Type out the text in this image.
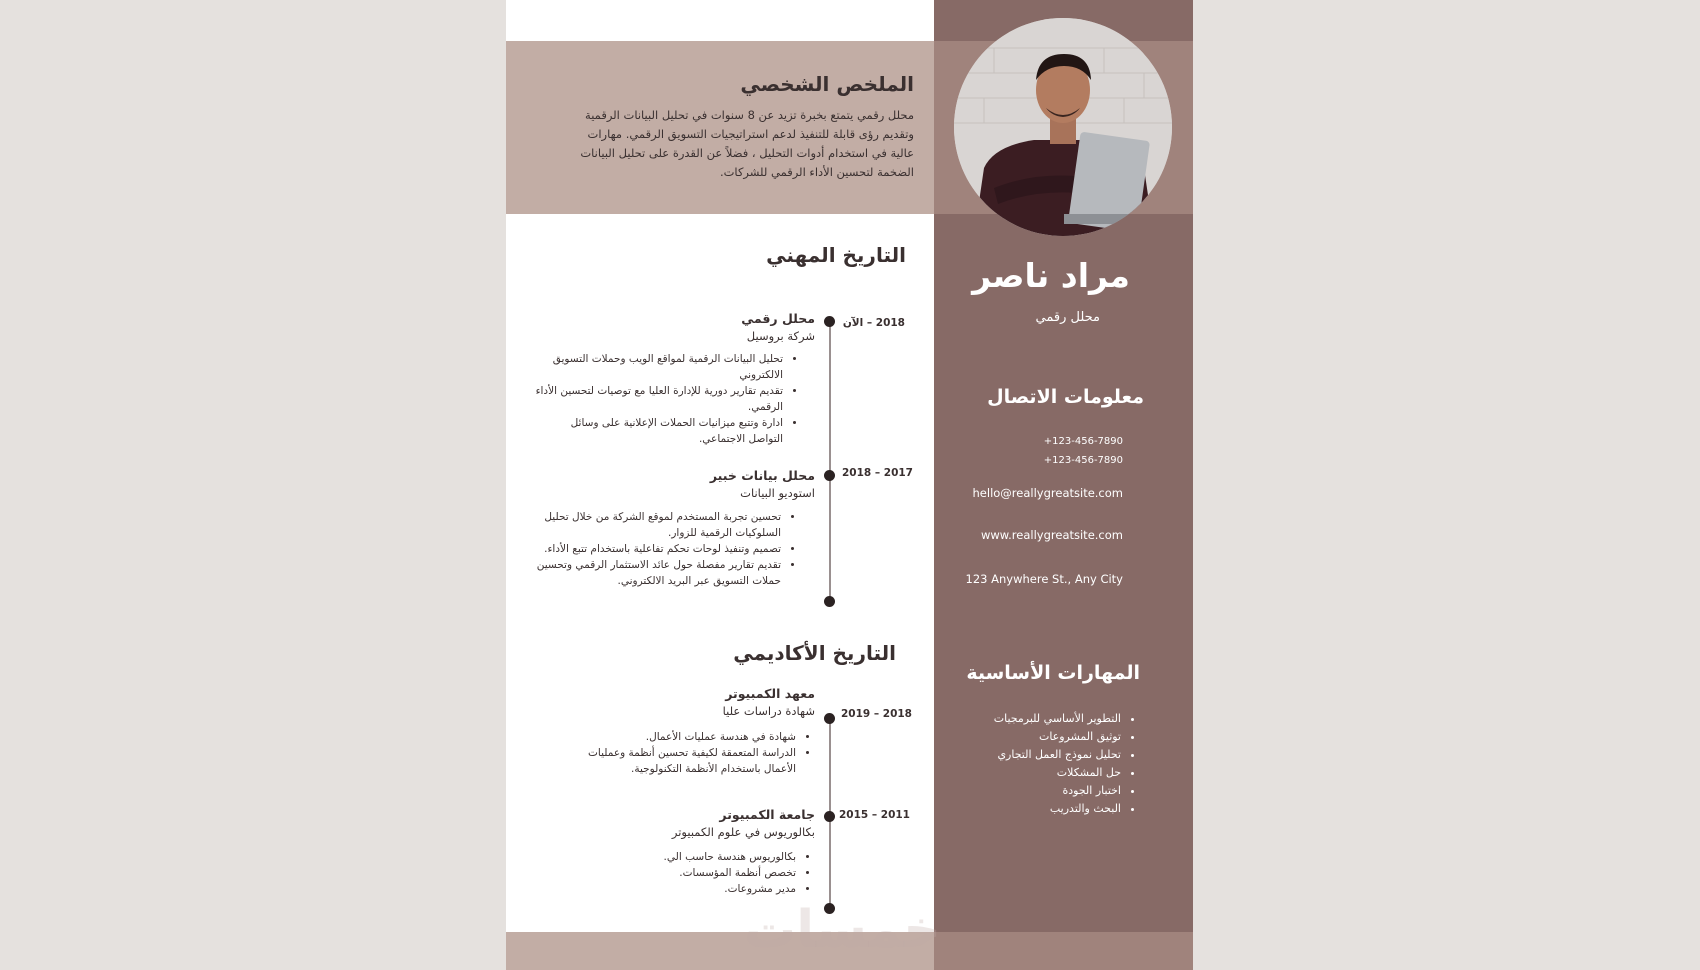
الملخص الشخصي

محلل رقمي يتمتع بخبرة تزيد عن 8 سنوات في تحليل البيانات الرقمية وتقديم رؤى قابلة للتنفيذ لدعم استراتيجيات التسويق الرقمي. مهارات عالية في استخدام أدوات التحليل ، فضلاً عن القدرة على تحليل البيانات الضخمة لتحسين الأداء الرقمي للشركات.

التاريخ المهني

2018 – الآن

محلل رقمي

شركة بروسيل

• تحليل البيانات الرقمية لمواقع الويب وحملات التسويق الالكتروني
• تقديم تقارير دورية للإدارة العليا مع توصيات لتحسين الأداء الرقمي.
• ادارة وتتبع ميزانيات الحملات الإعلانية على وسائل التواصل الاجتماعي.

2017 – 2018

محلل بيانات خبير

استوديو البيانات

• تحسين تجربة المستخدم لموقع الشركة من خلال تحليل السلوكيات الرقمية للزوار.
• تصميم وتنفيذ لوحات تحكم تفاعلية باستخدام تتبع الأداء.
• تقديم تقارير مفصلة حول عائد الاستثمار الرقمي وتحسين حملات التسويق عبر البريد الالكتروني.
التاريخ الأكاديمي

2018 – 2019

معهد الكمبيوتر

شهادة دراسات عليا

• شهادة في هندسة عمليات الأعمال.
• الدراسة المتعمقة لكيفية تحسين أنظمة وعمليات الأعمال باستخدام الأنظمة التكنولوجية.

2011 – 2015

جامعة الكمبيوتر

بكالوريوس في علوم الكمبيوتر

• بكالوريوس هندسة حاسب الي.
• تخصص أنظمة المؤسسات.
• مدير مشروعات.
مراد ناصر

محلل رقمي

معلومات الاتصال

+123-456-7890

+123-456-7890

hello@reallygreatsite.com

www.reallygreatsite.com

123 Anywhere St., Any City

المهارات الأساسية
• التطوير الأساسي للبرمجيات
• توثيق المشروعات
• تحليل نموذج العمل التجاري
• حل المشكلات
• اختبار الجودة
• البحث والتدريب

خمسات
